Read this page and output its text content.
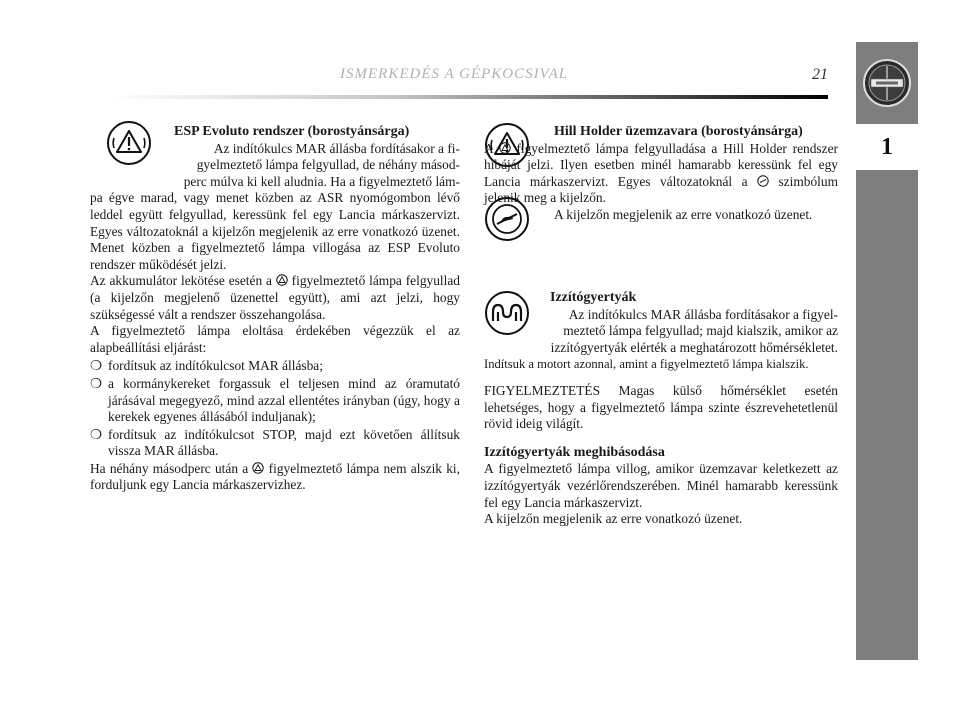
ISMERKEDÉS A GÉPKOCSIVAL	21
1

ESP Evoluto rendszer (borostyánsárga)

Az indítókulcs MAR állásba fordításakor a fi-

gyelmeztető lámpa felgyullad, de néhány másod-

perc múlva ki kell aludnia. Ha a figyelmeztető lám-

pa égve marad, vagy menet közben az ASR nyomógombon lévő leddel együtt felgyullad, keressünk fel egy Lancia márkaszervizt. Egyes változatoknál a kijelzőn megjelenik az erre vonatkozó üzenet. Menet közben a figyelmeztető lámpa villogása az ESP Evoluto rendszer működését jelzi.

Az akkumulátor lekötése esetén a figyelmeztető lámpa felgyullad (a kijelzőn megjelenő üzenettel együtt), ami azt jelzi, hogy szükségessé vált a rendszer összehangolása.

A figyelmeztető lámpa eloltása érdekében végezzük el az alapbeállítási eljárást:

❍ fordítsuk az indítókulcsot MAR állásba;
❍ a kormánykereket forgassuk el teljesen mind az óramutató járásával megegyező, mind azzal ellentétes irányban (úgy, hogy a kerekek egyenes állásából induljanak);
❍ fordítsuk az indítókulcsot STOP, majd ezt követően állítsuk vissza MAR állásba.

Ha néhány másodperc után a figyelmeztető lámpa nem alszik ki, forduljunk egy Lancia márkaszervizhez.

Hill Holder üzemzavara (borostyánsárga)

A figyelmeztető lámpa felgyulladása a Hill Holder rendszer hibáját jelzi. Ilyen esetben minél hamarabb keressünk fel egy Lancia márkaszervizt. Egyes változatoknál a szimbólum jelenik meg a kijelzőn.

A kijelzőn megjelenik az erre vonatkozó üzenet.

Izzítógyertyák

Az indítókulcs MAR állásba fordításakor a figyel-

meztető lámpa felgyullad; majd kialszik, amikor az

izzítógyertyák elérték a meghatározott hőmérsékletet.

Indítsuk a motort azonnal, amint a figyelmeztető lámpa kialszik.

FIGYELMEZTETÉS Magas külső hőmérséklet esetén lehetséges, hogy a figyelmeztető lámpa szinte észrevehetetlenül rövid ideig világít.

Izzítógyertyák meghibásodása

A figyelmeztető lámpa villog, amikor üzemzavar keletkezett az izzítógyertyák vezérlőrendszerében. Minél hamarabb keressünk fel egy Lancia márkaszervizt.

A kijelzőn megjelenik az erre vonatkozó üzenet.
